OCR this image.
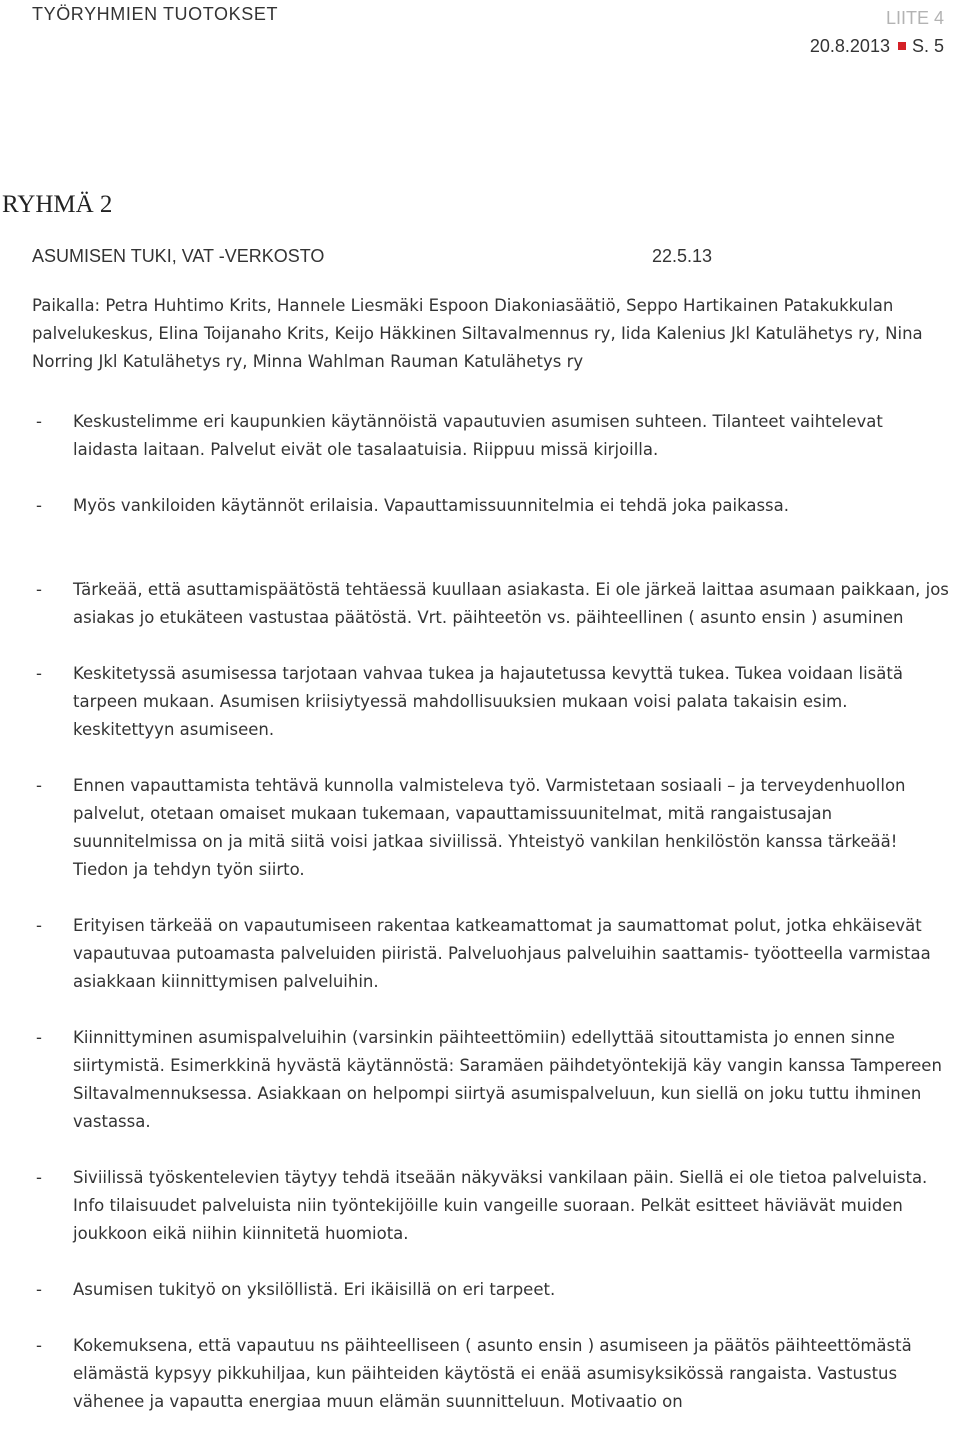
TYÖRYHMIEN TUOTOKSET	LIITE 4
20.8.2013 S. 5
RYHMÄ 2
ASUMISEN TUKI, VAT -VERKOSTO	22.5.13
Paikalla: Petra Huhtimo Krits, Hannele Liesmäki Espoon Diakoniasäätiö, Seppo Hartikainen Patakukkulan palvelukeskus, Elina Toijanaho Krits, Keijo Häkkinen Siltavalmennus ry, Iida Kalenius Jkl Katulähetys ry, Nina Norring Jkl Katulähetys ry, Minna Wahlman Rauman Katulähetys ry
- Keskustelimme eri kaupunkien käytännöistä vapautuvien asumisen suhteen. Tilanteet vaihtelevat laidasta laitaan. Palvelut eivät ole tasalaatuisia. Riippuu missä kirjoilla.
- Myös vankiloiden käytännöt erilaisia. Vapauttamissuunnitelmia ei tehdä joka paikassa.
- Tärkeää, että asuttamispäätöstä tehtäessä kuullaan asiakasta. Ei ole järkeä laittaa asumaan paikkaan, jos asiakas jo etukäteen vastustaa päätöstä. Vrt. päihteetön vs. päihteellinen ( asunto ensin ) asuminen
- Keskitetyssä asumisessa tarjotaan vahvaa tukea ja hajautetussa kevyttä tukea. Tukea voidaan lisätä tarpeen mukaan. Asumisen kriisiytyessä mahdollisuuksien mukaan voisi palata takaisin esim. keskitettyyn asumiseen.
- Ennen vapauttamista tehtävä kunnolla valmisteleva työ. Varmistetaan sosiaali – ja terveydenhuollon palvelut, otetaan omaiset mukaan tukemaan, vapauttamissuunitelmat, mitä rangaistusajan suunnitelmissa on ja mitä siitä voisi jatkaa siviilissä. Yhteistyö vankilan henkilöstön kanssa tärkeää! Tiedon ja tehdyn työn siirto.
- Erityisen tärkeää on vapautumiseen rakentaa katkeamattomat ja saumattomat polut, jotka ehkäisevät vapautuvaa putoamasta palveluiden piiristä. Palveluohjaus palveluihin saattamis- työotteella varmistaa asiakkaan kiinnittymisen palveluihin.
- Kiinnittyminen asumispalveluihin (varsinkin päihteettömiin) edellyttää sitouttamista jo ennen sinne siirtymistä. Esimerkkinä hyvästä käytännöstä: Saramäen päihdetyöntekijä käy vangin kanssa Tampereen Siltavalmennuksessa. Asiakkaan on helpompi siirtyä asumispalveluun, kun siellä on joku tuttu ihminen vastassa.
- Siviilissä työskentelevien täytyy tehdä itseään näkyväksi vankilaan päin. Siellä ei ole tietoa palveluista. Info tilaisuudet palveluista niin työntekijöille kuin vangeille suoraan. Pelkät esitteet häviävät muiden joukkoon eikä niihin kiinnitetä huomiota.
- Asumisen tukityö on yksilöllistä. Eri ikäisillä on eri tarpeet.
- Kokemuksena, että vapautuu ns päihteelliseen ( asunto ensin ) asumiseen ja päätös päihteettömästä elämästä kypsyy pikkuhiljaa, kun päihteiden käytöstä ei enää asumisyksikössä rangaista. Vastustus vähenee ja vapautta energiaa muun elämän suunnitteluun. Motivaatio on
